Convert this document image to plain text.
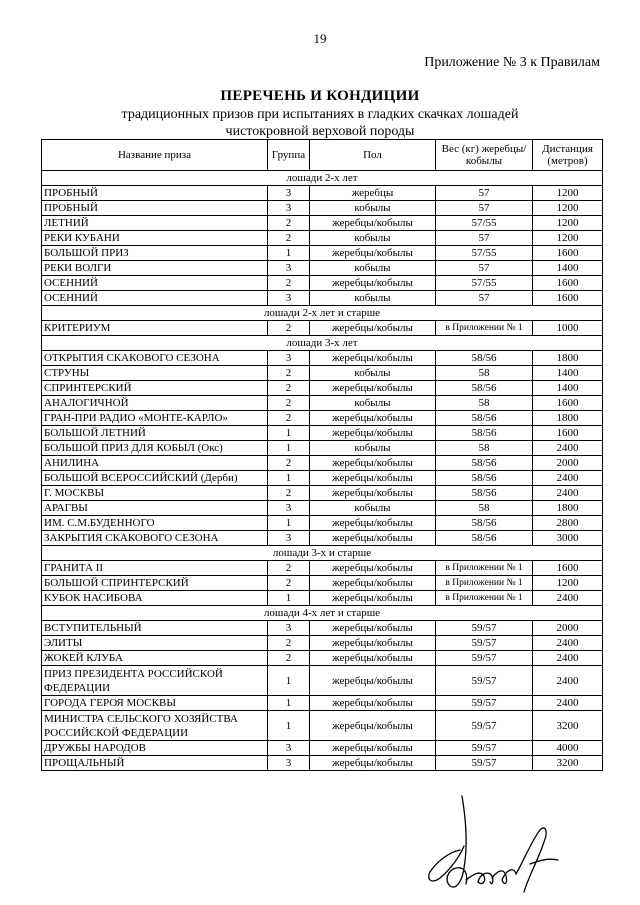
19
Приложение № 3 к Правилам
ПЕРЕЧЕНЬ И КОНДИЦИИ
традиционных призов при испытаниях в гладких скачках лошадей
чистокровной верховой породы
Название приза	Группа	Пол	Вес (кг) жеребцы/кобылы	Дистанция (метров)
лошади 2-х лет				
ПРОБНЫЙ	3	жеребцы	57	1200
ПРОБНЫЙ	3	кобылы	57	1200
ЛЕТНИЙ	2	жеребцы/кобылы	57/55	1200
РЕКИ КУБАНИ	2	кобылы	57	1200
БОЛЬШОЙ ПРИЗ	1	жеребцы/кобылы	57/55	1600
РЕКИ ВОЛГИ	3	кобылы	57	1400
ОСЕННИЙ	2	жеребцы/кобылы	57/55	1600
ОСЕННИЙ	3	кобылы	57	1600
лошади 2-х лет и старше				
КРИТЕРИУМ	2	жеребцы/кобылы	в Приложении № 1	1000
лошади 3-х лет				
ОТКРЫТИЯ СКАКОВОГО СЕЗОНА	3	жеребцы/кобылы	58/56	1800
СТРУНЫ	2	кобылы	58	1400
СПРИНТЕРСКИЙ	2	жеребцы/кобылы	58/56	1400
АНАЛОГИЧНОЙ	2	кобылы	58	1600
ГРАН-ПРИ РАДИО «МОНТЕ-КАРЛО»	2	жеребцы/кобылы	58/56	1800
БОЛЬШОЙ ЛЕТНИЙ	1	жеребцы/кобылы	58/56	1600
БОЛЬШОЙ ПРИЗ ДЛЯ КОБЫЛ (Окс)	1	кобылы	58	2400
АНИЛИНА	2	жеребцы/кобылы	58/56	2000
БОЛЬШОЙ ВСЕРОССИЙСКИЙ (Дерби)	1	жеребцы/кобылы	58/56	2400
Г. МОСКВЫ	2	жеребцы/кобылы	58/56	2400
АРАГВЫ	3	кобылы	58	1800
ИМ. С.М.БУДЕННОГО	1	жеребцы/кобылы	58/56	2800
ЗАКРЫТИЯ СКАКОВОГО СЕЗОНА	3	жеребцы/кобылы	58/56	3000
лошади 3-х и старше				
ГРАНИТА II	2	жеребцы/кобылы	в Приложении № 1	1600
БОЛЬШОЙ СПРИНТЕРСКИЙ	2	жеребцы/кобылы	в Приложении № 1	1200
КУБОК НАСИБОВА	1	жеребцы/кобылы	в Приложении № 1	2400
лошади 4-х лет и старше				
ВСТУПИТЕЛЬНЫЙ	3	жеребцы/кобылы	59/57	2000
ЭЛИТЫ	2	жеребцы/кобылы	59/57	2400
ЖОКЕЙ КЛУБА	2	жеребцы/кобылы	59/57	2400
ПРИЗ ПРЕЗИДЕНТА РОССИЙСКОЙ ФЕДЕРАЦИИ	1	жеребцы/кобылы	59/57	2400
ГОРОДА ГЕРОЯ МОСКВЫ	1	жеребцы/кобылы	59/57	2400
МИНИСТРА СЕЛЬСКОГО ХОЗЯЙСТВА РОССИЙСКОЙ ФЕДЕРАЦИИ	1	жеребцы/кобылы	59/57	3200
ДРУЖБЫ НАРОДОВ	3	жеребцы/кобылы	59/57	4000
ПРОЩАЛЬНЫЙ	3	жеребцы/кобылы	59/57	3200
